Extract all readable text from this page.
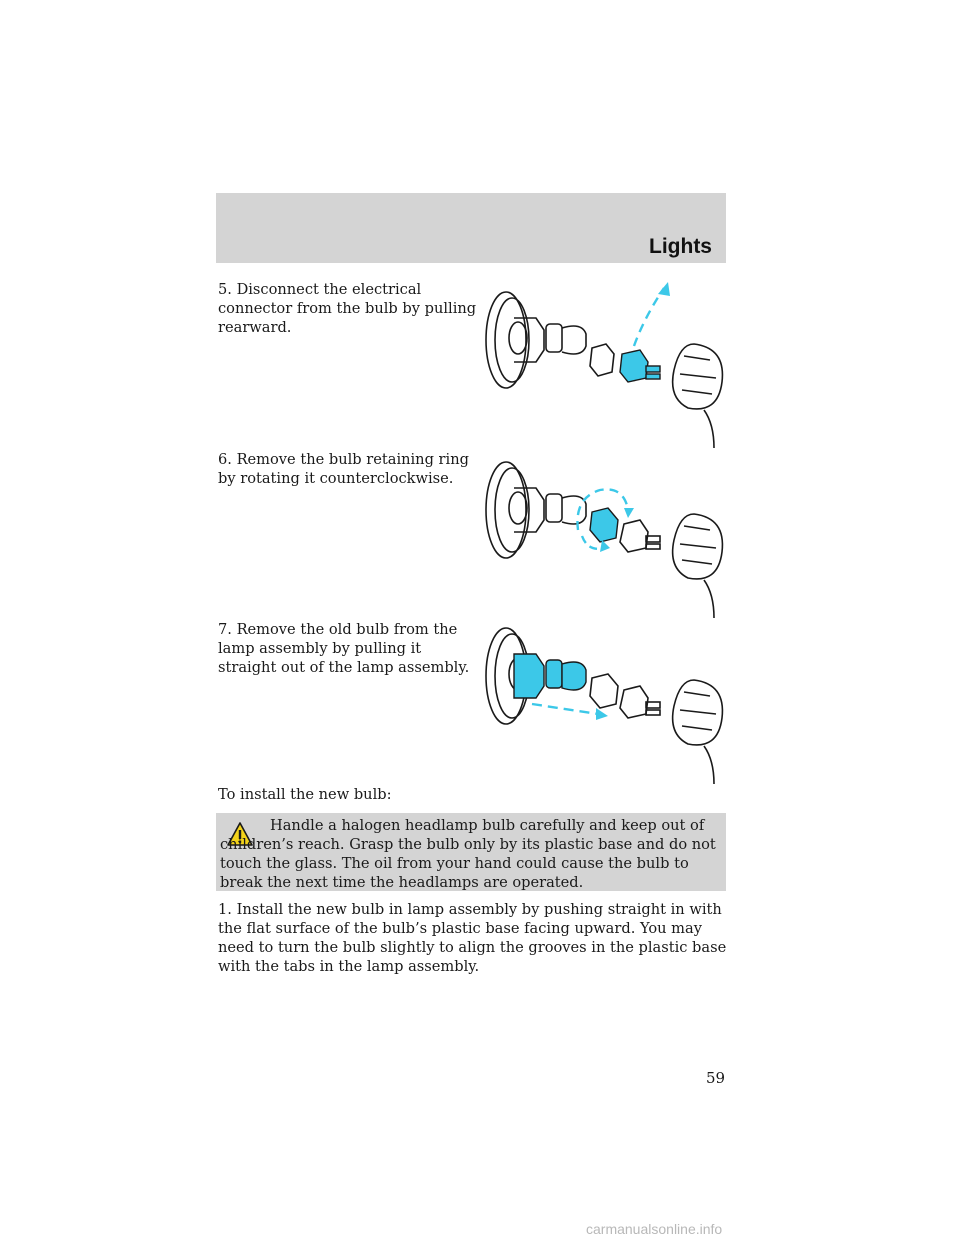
Lights

5. Disconnect the electrical connector from the bulb by pulling rearward.

6. Remove the bulb retaining ring by rotating it counterclockwise.

7. Remove the old bulb from the lamp assembly by pulling it straight out of the lamp assembly.

To install the new bulb:

Handle a halogen headlamp bulb carefully and keep out of children’s reach. Grasp the bulb only by its plastic base and do not touch the glass. The oil from your hand could cause the bulb to break the next time the headlamps are operated.

1. Install the new bulb in lamp assembly by pushing straight in with the flat surface of the bulb’s plastic base facing upward. You may need to turn the bulb slightly to align the grooves in the plastic base with the tabs in the lamp assembly.

59
carmanualsonline.info
